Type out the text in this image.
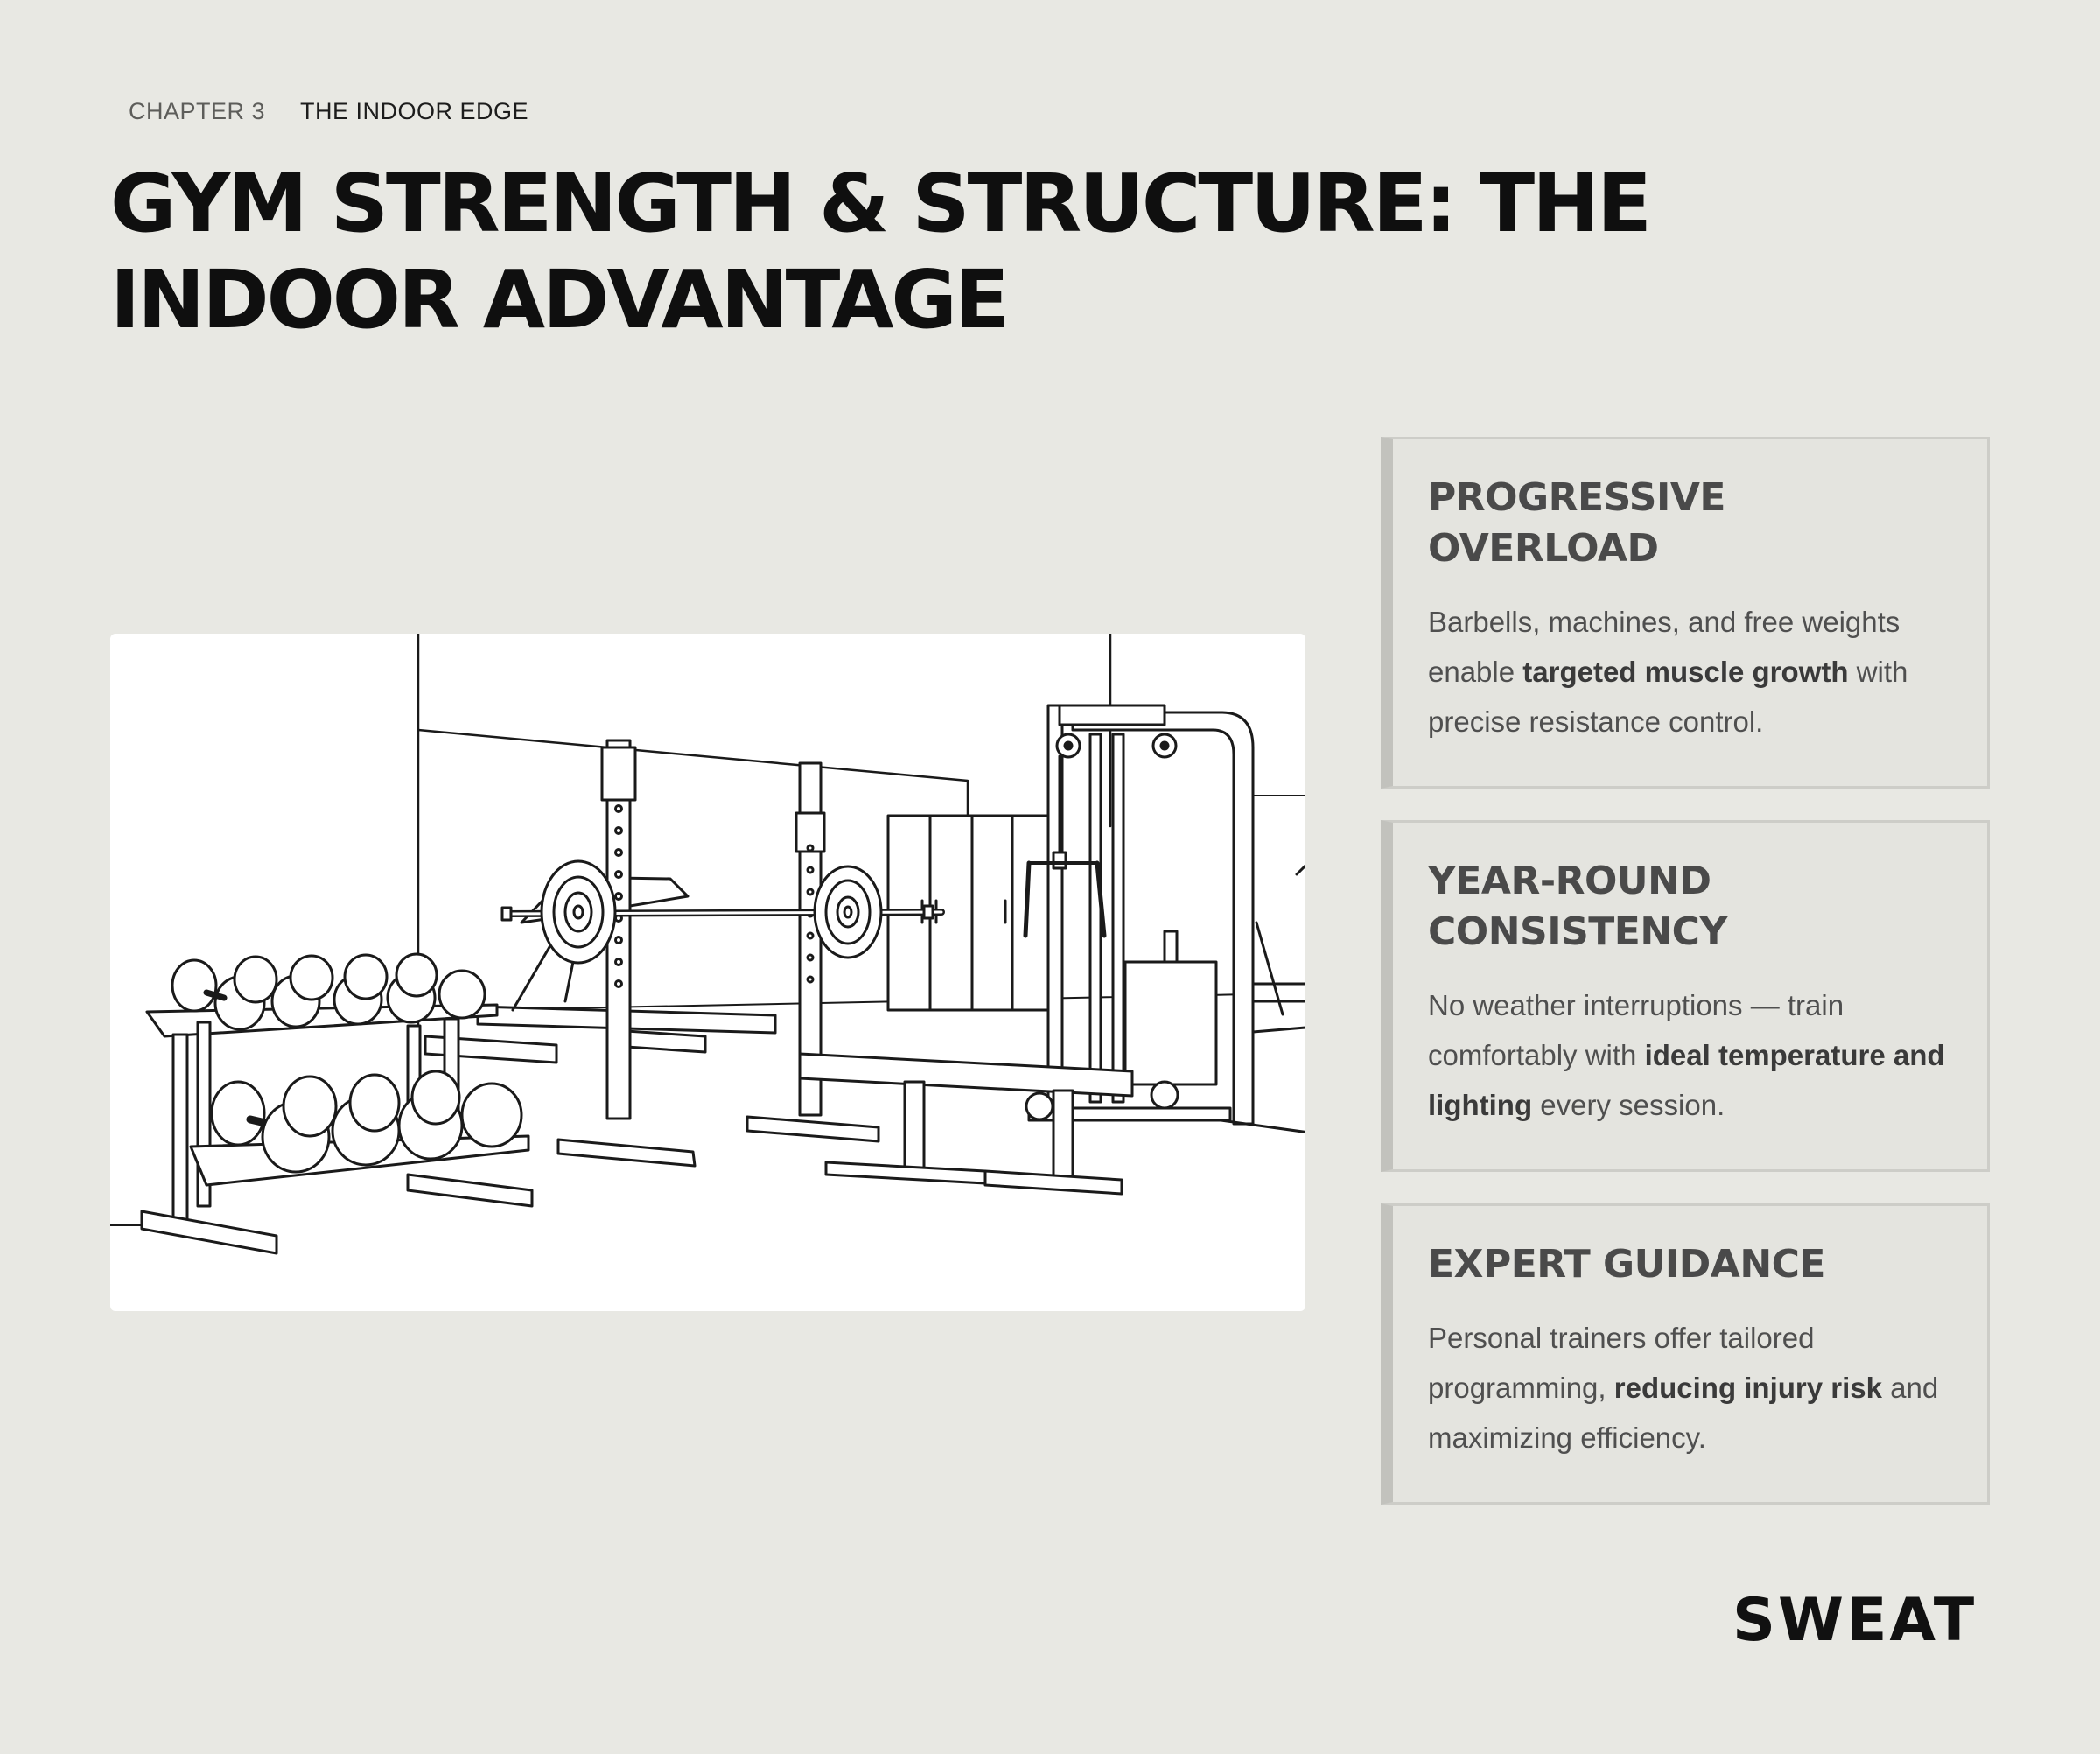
CHAPTER 3 THE INDOOR EDGE
GYM STRENGTH & STRUCTURE: THE INDOOR ADVANTAGE
PROGRESSIVE OVERLOAD

Barbells, machines, and free weights enable targeted muscle growth with precise resistance control.

YEAR-ROUND CONSISTENCY

No weather interruptions — train comfortably with ideal temperature and lighting every session.

EXPERT GUIDANCE

Personal trainers offer tailored programming, reducing injury risk and maximizing efficiency.

SWEAT
